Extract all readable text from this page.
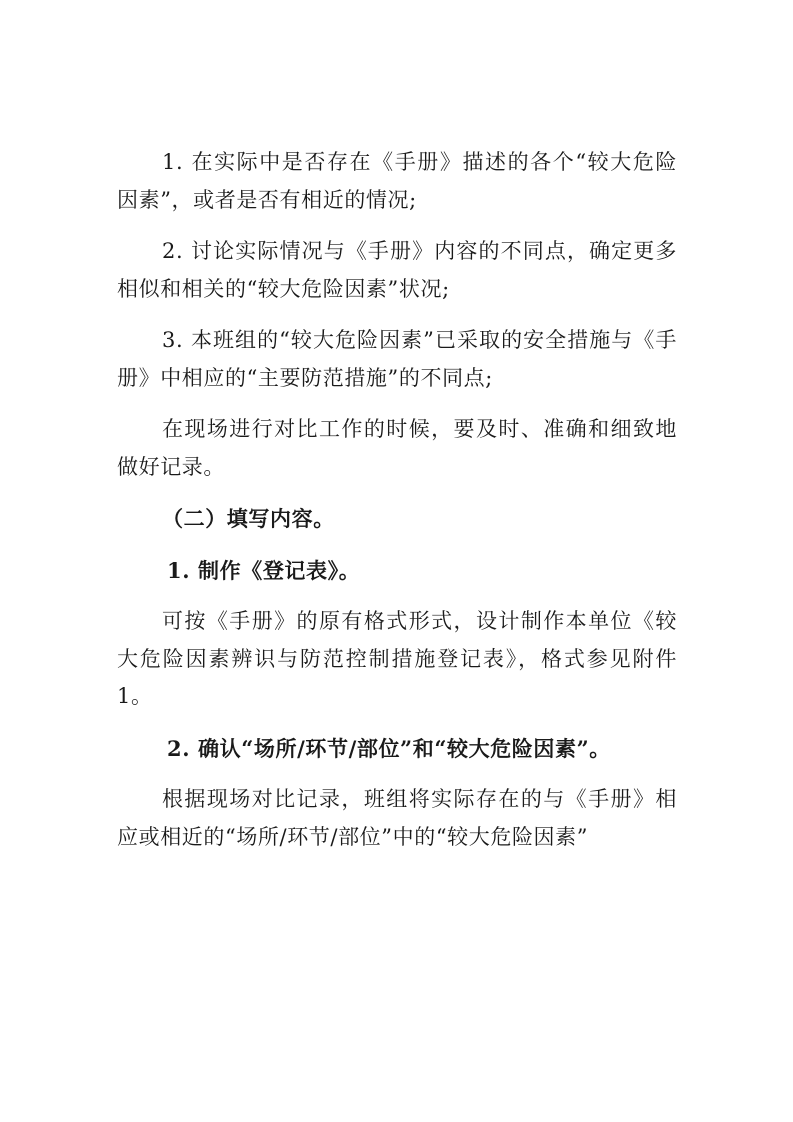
1. 在实际中是否存在《手册》描述的各个“较大危险因素”，或者是否有相近的情况;

2. 讨论实际情况与《手册》内容的不同点，确定更多相似和相关的“较大危险因素”状况;

3. 本班组的“较大危险因素”已采取的安全措施与《手册》中相应的“主要防范措施”的不同点;

在现场进行对比工作的时候，要及时、准确和细致地做好记录。

（二）填写内容。

1. 制作《登记表》。

可按《手册》的原有格式形式，设计制作本单位《较大危险因素辨识与防范控制措施登记表》，格式参见附件 1。

2. 确认“场所/环节/部位”和“较大危险因素”。

根据现场对比记录，班组将实际存在的与《手册》相应或相近的“场所/环节/部位”中的“较大危险因素”
